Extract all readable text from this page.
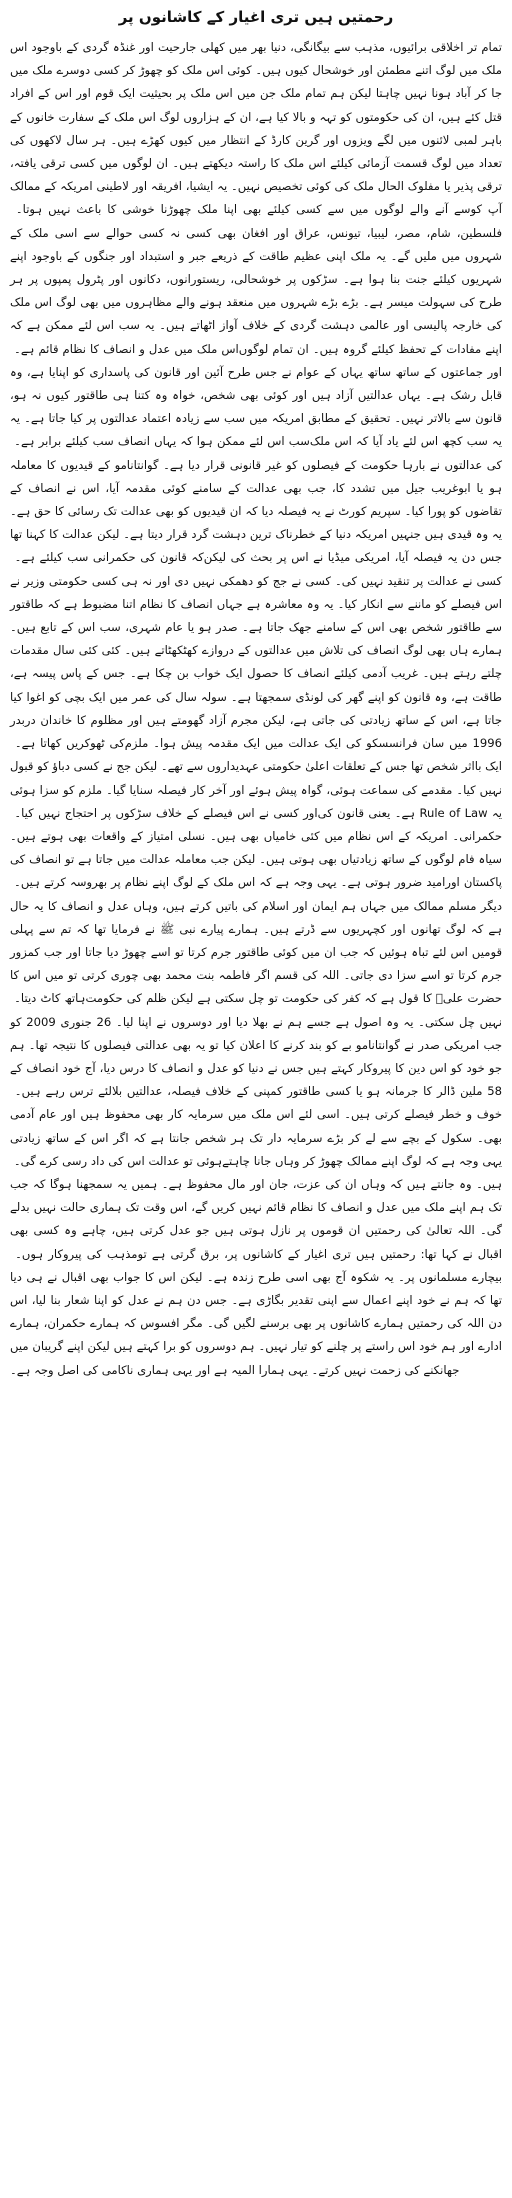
رحمتیں ہیں تری اغیار کے کاشانوں پر
تمام تر اخلاقی برائیوں، مذہب سے بیگانگی، دنیا بھر میں کھلی جارحیت اور غنڈہ گردی کے باوجود اس ملک میں لوگ اتنے مطمئن اور خوشحال کیوں ہیں۔ کوئی اس ملک کو چھوڑ کر کسی دوسرے ملک میں جا کر آباد ہونا نہیں چاہتا لیکن ہم تمام ملک جن میں اس ملک پر بحیثیت ایک قوم اور اس کے افراد قتل کئے ہیں، ان کی حکومتوں کو تہہ و بالا کیا ہے، ان کے ہزاروں لوگ اس ملک کے سفارت خانوں کے باہر لمبی لائنوں میں لگے ویزوں اور گرین کارڈ کے انتظار میں کیوں کھڑے ہیں۔ ہر سال لاکھوں کی تعداد میں لوگ قسمت آزمائی کیلئے اس ملک کا راستہ دیکھتے ہیں۔ ان لوگوں میں کسی ترقی یافتہ، ترقی پذیر یا مفلوک الحال ملک کی کوئی تخصیص نہیں۔ یہ ایشیا، افریقہ اور لاطینی امریکہ کے ممالک سے آنے والے لوگوں میں سے کسی کیلئے بھی اپنا ملک چھوڑنا خوشی کا باعث نہیں ہوتا۔ آپ کو فلسطین، شام، مصر، لیبیا، تیونس، عراق اور افغان بھی کسی نہ کسی حوالے سے اسی ملک کے شہروں میں ملیں گے۔ یہ ملک اپنی عظیم طاقت کے ذریعے جبر و استبداد اور جنگوں کے باوجود اپنے شہریوں کیلئے جنت بنا ہوا ہے۔ سڑکوں پر خوشحالی، ریستورانوں، دکانوں اور پٹرول پمپوں پر ہر طرح کی سہولت میسر ہے۔ بڑے بڑے شہروں میں منعقد ہونے والے مظاہروں میں بھی لوگ اس ملک کی خارجہ پالیسی اور عالمی دہشت گردی کے خلاف آواز اٹھاتے ہیں۔ یہ سب اس لئے ممکن ہے کہ اس ملک میں عدل و انصاف کا نظام قائم ہے۔ اپنے مفادات کے تحفظ کیلئے گروہ ہیں۔ ان تمام لوگوں اور جماعتوں کے ساتھ ساتھ یہاں کے عوام نے جس طرح آئین اور قانون کی پاسداری کو اپنایا ہے، وہ قابل رشک ہے۔ یہاں عدالتیں آزاد ہیں اور کوئی بھی شخص، خواہ وہ کتنا ہی طاقتور کیوں نہ ہو، قانون سے بالاتر نہیں۔ تحقیق کے مطابق امریکہ میں سب سے زیادہ اعتماد عدالتوں پر کیا جاتا ہے۔ یہ سب اس لئے ممکن ہوا کہ یہاں انصاف سب کیلئے برابر ہے۔ یہ سب کچھ اس لئے یاد آیا کہ اس ملک کی عدالتوں نے بارہا حکومت کے فیصلوں کو غیر قانونی قرار دیا ہے۔ گوانتانامو کے قیدیوں کا معاملہ ہو یا ابوغریب جیل میں تشدد کا، جب بھی عدالت کے سامنے کوئی مقدمہ آیا، اس نے انصاف کے تقاضوں کو پورا کیا۔ سپریم کورٹ نے یہ فیصلہ دیا کہ ان قیدیوں کو بھی عدالت تک رسائی کا حق ہے۔ یہ وہ قیدی ہیں جنہیں امریکہ دنیا کے خطرناک ترین دہشت گرد قرار دیتا ہے۔ لیکن عدالت کا کہنا تھا کہ قانون کی حکمرانی سب کیلئے ہے۔ جس دن یہ فیصلہ آیا، امریکی میڈیا نے اس پر بحث کی لیکن کسی نے عدالت پر تنقید نہیں کی۔ کسی نے جج کو دھمکی نہیں دی اور نہ ہی کسی حکومتی وزیر نے اس فیصلے کو ماننے سے انکار کیا۔ یہ وہ معاشرہ ہے جہاں انصاف کا نظام اتنا مضبوط ہے کہ طاقتور سے طاقتور شخص بھی اس کے سامنے جھک جاتا ہے۔ صدر ہو یا عام شہری، سب اس کے تابع ہیں۔ ہمارے ہاں بھی لوگ انصاف کی تلاش میں عدالتوں کے دروازے کھٹکھٹاتے ہیں۔ کئی کئی سال مقدمات چلتے رہتے ہیں۔ غریب آدمی کیلئے انصاف کا حصول ایک خواب بن چکا ہے۔ جس کے پاس پیسہ ہے، طاقت ہے، وہ قانون کو اپنے گھر کی لونڈی سمجھتا ہے۔ سولہ سال کی عمر میں ایک بچی کو اغوا کیا جاتا ہے، اس کے ساتھ زیادتی کی جاتی ہے، لیکن مجرم آزاد گھومتے ہیں اور مظلوم کا خاندان دربدر کی ٹھوکریں کھاتا ہے۔ 1996 میں سان فرانسسکو کی ایک عدالت میں ایک مقدمہ پیش ہوا۔ ملزم ایک بااثر شخص تھا جس کے تعلقات اعلیٰ حکومتی عہدیداروں سے تھے۔ لیکن جج نے کسی دباؤ کو قبول نہیں کیا۔ مقدمے کی سماعت ہوئی، گواہ پیش ہوئے اور آخر کار فیصلہ سنایا گیا۔ ملزم کو سزا ہوئی اور کسی نے اس فیصلے کے خلاف سڑکوں پر احتجاج نہیں کیا۔ یہ Rule of Law ہے۔ یعنی قانون کی حکمرانی۔ امریکہ کے اس نظام میں کئی خامیاں بھی ہیں۔ نسلی امتیاز کے واقعات بھی ہوتے ہیں۔ سیاہ فام لوگوں کے ساتھ زیادتیاں بھی ہوتی ہیں۔ لیکن جب معاملہ عدالت میں جاتا ہے تو انصاف کی امید ضرور ہوتی ہے۔ یہی وجہ ہے کہ اس ملک کے لوگ اپنے نظام پر بھروسہ کرتے ہیں۔ پاکستان اور دیگر مسلم ممالک میں جہاں ہم ایمان اور اسلام کی باتیں کرتے ہیں، وہاں عدل و انصاف کا یہ حال ہے کہ لوگ تھانوں اور کچہریوں سے ڈرتے ہیں۔ ہمارے پیارے نبی ﷺ نے فرمایا تھا کہ تم سے پہلی قومیں اس لئے تباہ ہوئیں کہ جب ان میں کوئی طاقتور جرم کرتا تو اسے چھوڑ دیا جاتا اور جب کمزور جرم کرتا تو اسے سزا دی جاتی۔ اللہ کی قسم اگر فاطمہ بنت محمد بھی چوری کرتی تو میں اس کا ہاتھ کاٹ دیتا۔ حضرت علیؓ کا قول ہے کہ کفر کی حکومت تو چل سکتی ہے لیکن ظلم کی حکومت نہیں چل سکتی۔ یہ وہ اصول ہے جسے ہم نے بھلا دیا اور دوسروں نے اپنا لیا۔ 26 جنوری 2009 کو جب امریکی صدر نے گوانتانامو بے کو بند کرنے کا اعلان کیا تو یہ بھی عدالتی فیصلوں کا نتیجہ تھا۔ ہم جو خود کو اس دین کا پیروکار کہتے ہیں جس نے دنیا کو عدل و انصاف کا درس دیا، آج خود انصاف کے لئے ترس رہے ہیں۔ 58 ملین ڈالر کا جرمانہ ہو یا کسی طاقتور کمپنی کے خلاف فیصلہ، عدالتیں بلا خوف و خطر فیصلے کرتی ہیں۔ اسی لئے اس ملک میں سرمایہ کار بھی محفوظ ہیں اور عام آدمی بھی۔ سکول کے بچے سے لے کر بڑے سرمایہ دار تک ہر شخص جانتا ہے کہ اگر اس کے ساتھ زیادتی ہوئی تو عدالت اس کی داد رسی کرے گی۔ یہی وجہ ہے کہ لوگ اپنے ممالک چھوڑ کر وہاں جانا چاہتے ہیں۔ وہ جانتے ہیں کہ وہاں ان کی عزت، جان اور مال محفوظ ہے۔ ہمیں یہ سمجھنا ہوگا کہ جب تک ہم اپنے ملک میں عدل و انصاف کا نظام قائم نہیں کریں گے، اس وقت تک ہماری حالت نہیں بدلے گی۔ اللہ تعالیٰ کی رحمتیں ان قوموں پر نازل ہوتی ہیں جو عدل کرتی ہیں، چاہے وہ کسی بھی مذہب کی پیروکار ہوں۔ اقبال نے کہا تھا: رحمتیں ہیں تری اغیار کے کاشانوں پر، برق گرتی ہے تو بیچارے مسلمانوں پر۔ یہ شکوہ آج بھی اسی طرح زندہ ہے۔ لیکن اس کا جواب بھی اقبال نے ہی دیا تھا کہ ہم نے خود اپنے اعمال سے اپنی تقدیر بگاڑی ہے۔ جس دن ہم نے عدل کو اپنا شعار بنا لیا، اس دن اللہ کی رحمتیں ہمارے کاشانوں پر بھی برسنے لگیں گی۔ مگر افسوس کہ ہمارے حکمران، ہمارے ادارے اور ہم خود اس راستے پر چلنے کو تیار نہیں۔ ہم دوسروں کو برا کہتے ہیں لیکن اپنے گریبان میں جھانکنے کی زحمت نہیں کرتے۔ یہی ہمارا المیہ ہے اور یہی ہماری ناکامی کی اصل وجہ ہے۔
